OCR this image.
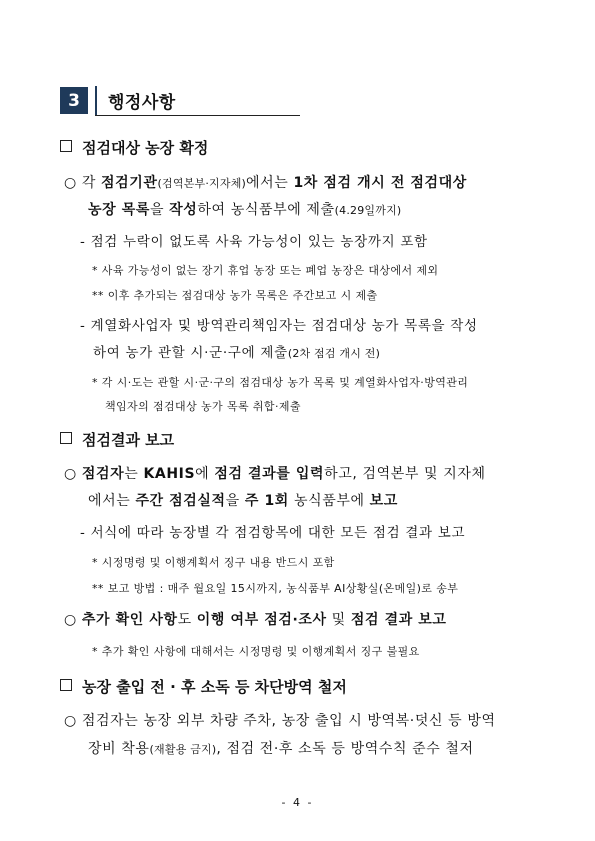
3 행정사항
점검대상 농장 확정
○ 각 점검기관(검역본부·지자체)에서는 1차 점검 개시 전 점검대상
농장 목록을 작성하여 농식품부에 제출(4.29일까지)
- 점검 누락이 없도록 사육 가능성이 있는 농장까지 포함
* 사육 가능성이 없는 장기 휴업 농장 또는 폐업 농장은 대상에서 제외
** 이후 추가되는 점검대상 농가 목록은 주간보고 시 제출
- 계열화사업자 및 방역관리책임자는 점검대상 농가 목록을 작성
하여 농가 관할 시·군·구에 제출(2차 점검 개시 전)
* 각 시·도는 관할 시·군·구의 점검대상 농가 목록 및 계열화사업자·방역관리
책임자의 점검대상 농가 목록 취합·제출
점검결과 보고
○ 점검자는 KAHIS에 점검 결과를 입력하고, 검역본부 및 지자체
에서는 주간 점검실적을 주 1회 농식품부에 보고
- 서식에 따라 농장별 각 점검항목에 대한 모든 점검 결과 보고
* 시정명령 및 이행계획서 징구 내용 반드시 포함
** 보고 방법 : 매주 월요일 15시까지, 농식품부 AI상황실(온메일)로 송부
○ 추가 확인 사항도 이행 여부 점검·조사 및 점검 결과 보고
* 추가 확인 사항에 대해서는 시정명령 및 이행계획서 징구 불필요
농장 출입 전 · 후 소독 등 차단방역 철저
○ 점검자는 농장 외부 차량 주차, 농장 출입 시 방역복·덧신 등 방역
장비 착용(재활용 금지), 점검 전·후 소독 등 방역수칙 준수 철저
- 4 -
